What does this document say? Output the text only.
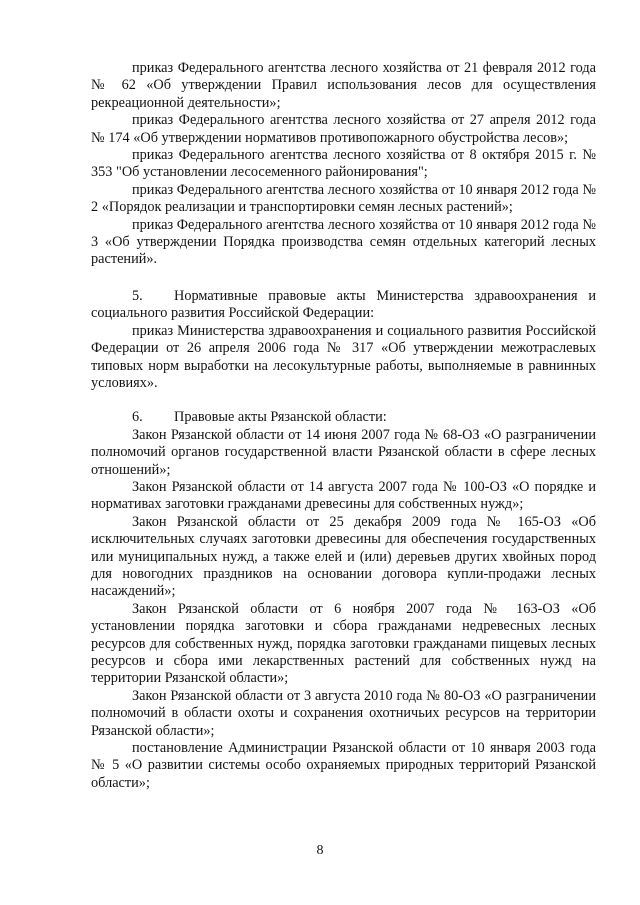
приказ Федерального агентства лесного хозяйства от 21 февраля 2012 года № 62 «Об утверждении Правил использования лесов для осуществления рекреационной деятельности»;

приказ Федерального агентства лесного хозяйства от 27 апреля 2012 года № 174 «Об утверждении нормативов противопожарного обустройства лесов»;

приказ Федерального агентства лесного хозяйства от 8 октября 2015 г. № 353 "Об установлении лесосеменного районирования";

приказ Федерального агентства лесного хозяйства от 10 января 2012 года № 2 «Порядок реализации и транспортировки семян лесных растений»;

приказ Федерального агентства лесного хозяйства от 10 января 2012 года № 3 «Об утверждении Порядка производства семян отдельных категорий лесных растений».

5. Нормативные правовые акты Министерства здравоохранения и социального развития Российской Федерации:

приказ Министерства здравоохранения и социального развития Российской Федерации от 26 апреля 2006 года № 317 «Об утверждении межотраслевых типовых норм выработки на лесокультурные работы, выполняемые в равнинных условиях».

6. Правовые акты Рязанской области:

Закон Рязанской области от 14 июня 2007 года № 68-ОЗ «О разграничении полномочий органов государственной власти Рязанской области в сфере лесных отношений»;

Закон Рязанской области от 14 августа 2007 года № 100-ОЗ «О порядке и нормативах заготовки гражданами древесины для собственных нужд»;

Закон Рязанской области от 25 декабря 2009 года № 165-ОЗ «Об исключительных случаях заготовки древесины для обеспечения государственных или муниципальных нужд, а также елей и (или) деревьев других хвойных пород для новогодних праздников на основании договора купли-продажи лесных насаждений»;

Закон Рязанской области от 6 ноября 2007 года № 163-ОЗ «Об установлении порядка заготовки и сбора гражданами недревесных лесных ресурсов для собственных нужд, порядка заготовки гражданами пищевых лесных ресурсов и сбора ими лекарственных растений для собственных нужд на территории Рязанской области»;

Закон Рязанской области от 3 августа 2010 года № 80-ОЗ «О разграничении полномочий в области охоты и сохранения охотничьих ресурсов на территории Рязанской области»;

постановление Администрации Рязанской области от 10 января 2003 года № 5 «О развитии системы особо охраняемых природных территорий Рязанской области»;

8
